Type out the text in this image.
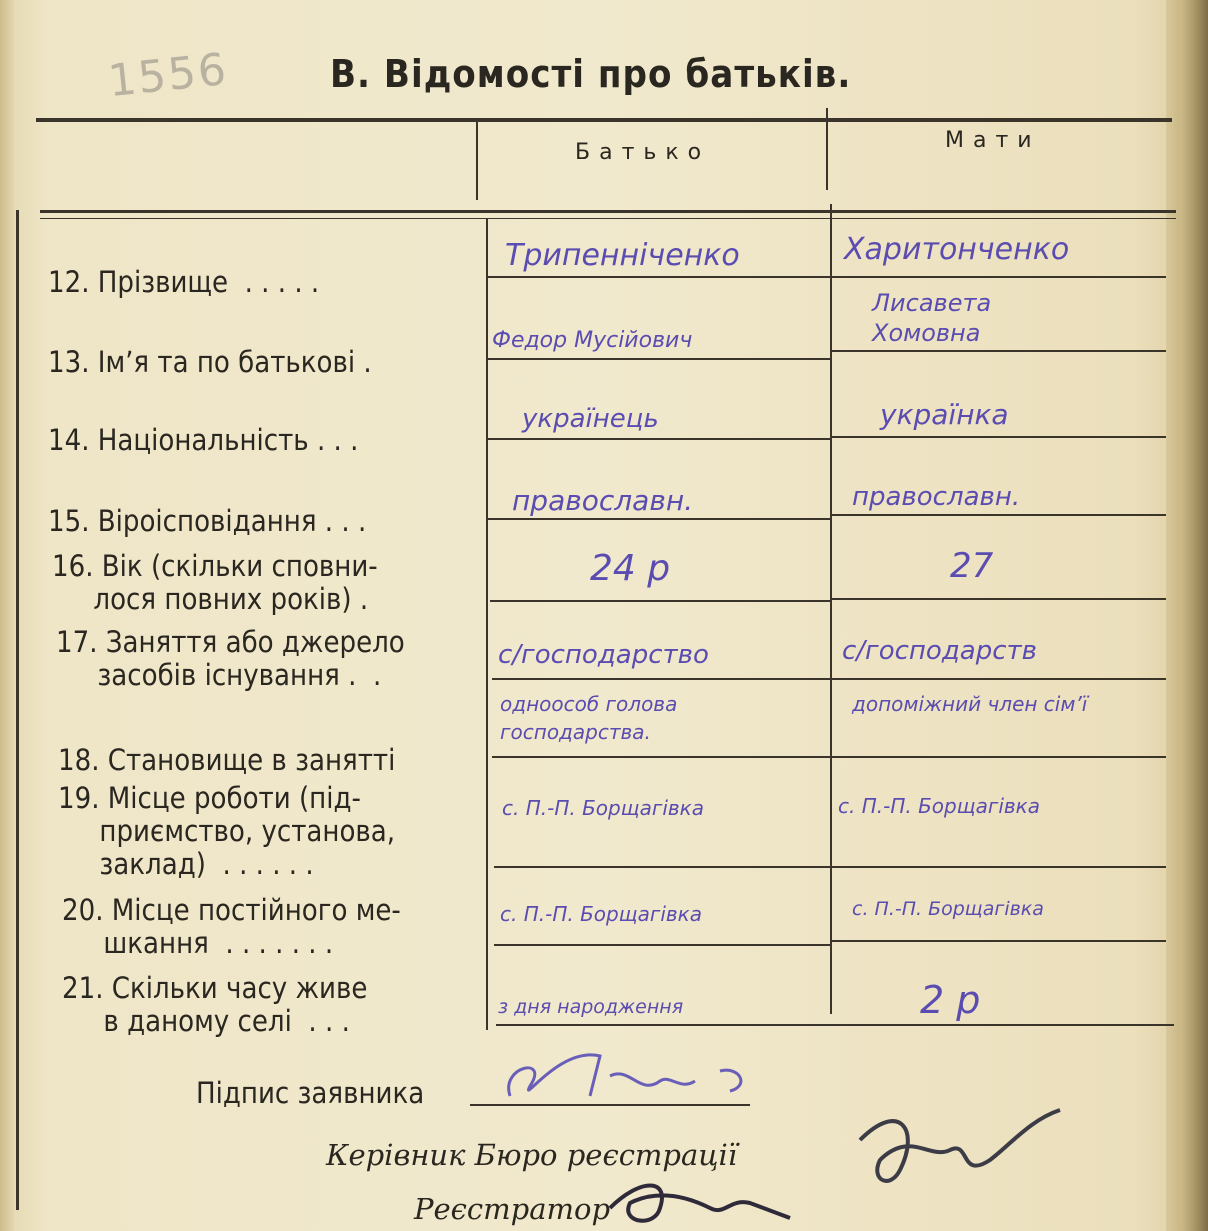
1556	В. Відомості про батьків.
Батько	Мати
12. Прізвище  . . . . .
13. Ім’я та по батькові .
14. Національність . . .
15. Віроісповідання . . .
16. Вік (скільки сповни-
лося повних років) .
17. Заняття або джерело
засобів існування .  .
18. Становище в занятті
19. Місце роботи (під-
приємство, установа,
заклад)  . . . . . .
20. Місце постійного ме-
шкання  . . . . . . .
21. Скільки часу живе
в даному селі  . . .
Трипенніченко
Федор Мусійович
українець
православн.
24 р
с/господарство
одноособ голова господарства.
с. П.-П. Борщагівка
с. П.-П. Борщагівка
з дня народження
Харитонченко
Лисавета Хомовна
українка
православн.
27
с/господарств
допоміжний член сім’ї
с. П.-П. Борщагівка
с. П.-П. Борщагівка
2 р
Підпис заявника
Керівник Бюро реєстрації
Реєстратор
